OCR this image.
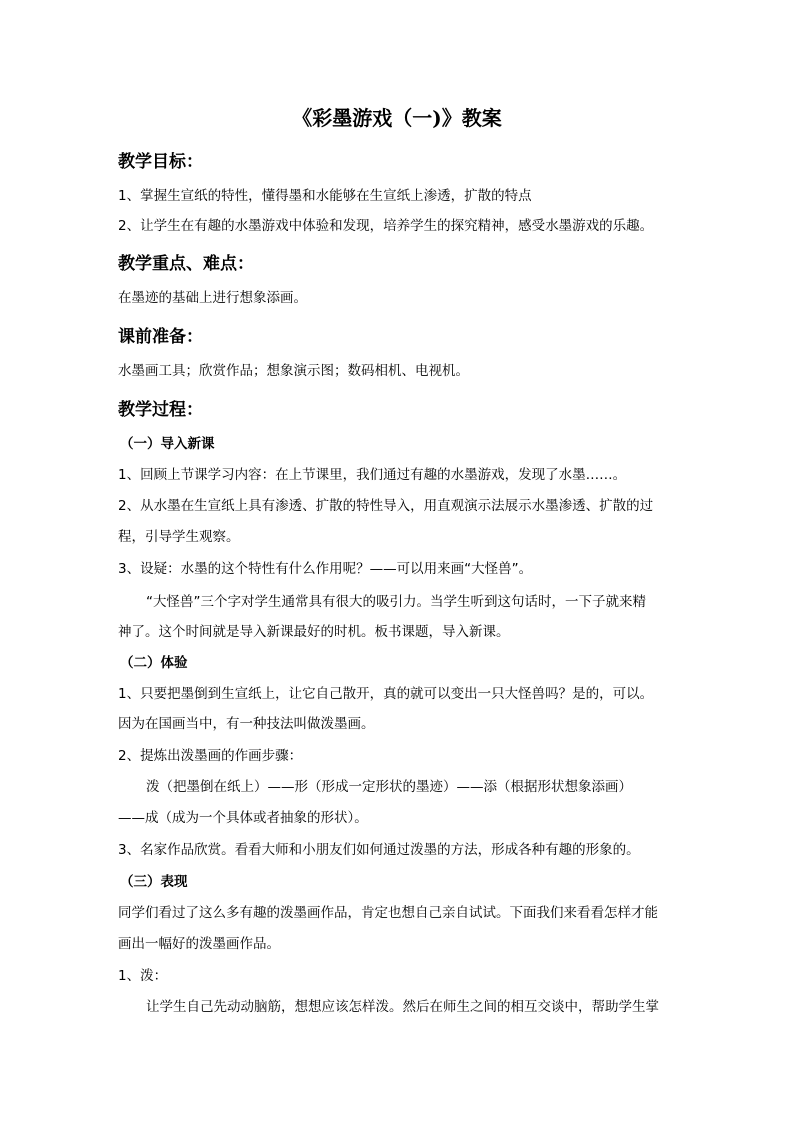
《彩墨游戏（一)》教案
教学目标：
1、掌握生宣纸的特性，懂得墨和水能够在生宣纸上渗透，扩散的特点
2、让学生在有趣的水墨游戏中体验和发现，培养学生的探究精神，感受水墨游戏的乐趣。
教学重点、难点：
在墨迹的基础上进行想象添画。
课前准备：
水墨画工具；欣赏作品；想象演示图；数码相机、电视机。
教学过程：
（一）导入新课
1、回顾上节课学习内容：在上节课里，我们通过有趣的水墨游戏，发现了水墨……。
2、从水墨在生宣纸上具有渗透、扩散的特性导入，用直观演示法展示水墨渗透、扩散的过
程，引导学生观察。
3、设疑：水墨的这个特性有什么作用呢？——可以用来画“大怪兽”。
“大怪兽”三个字对学生通常具有很大的吸引力。当学生听到这句话时，一下子就来精
神了。这个时间就是导入新课最好的时机。板书课题，导入新课。
（二）体验
1、只要把墨倒到生宣纸上，让它自己散开，真的就可以变出一只大怪兽吗？是的，可以。
因为在国画当中，有一种技法叫做泼墨画。
2、提炼出泼墨画的作画步骤：
泼（把墨倒在纸上）——形（形成一定形状的墨迹）——添（根据形状想象添画）
——成（成为一个具体或者抽象的形状）。
3、名家作品欣赏。看看大师和小朋友们如何通过泼墨的方法，形成各种有趣的形象的。
（三）表现
同学们看过了这么多有趣的泼墨画作品，肯定也想自己亲自试试。下面我们来看看怎样才能
画出一幅好的泼墨画作品。
1、泼：
让学生自己先动动脑筋，想想应该怎样泼。然后在师生之间的相互交谈中，帮助学生掌
